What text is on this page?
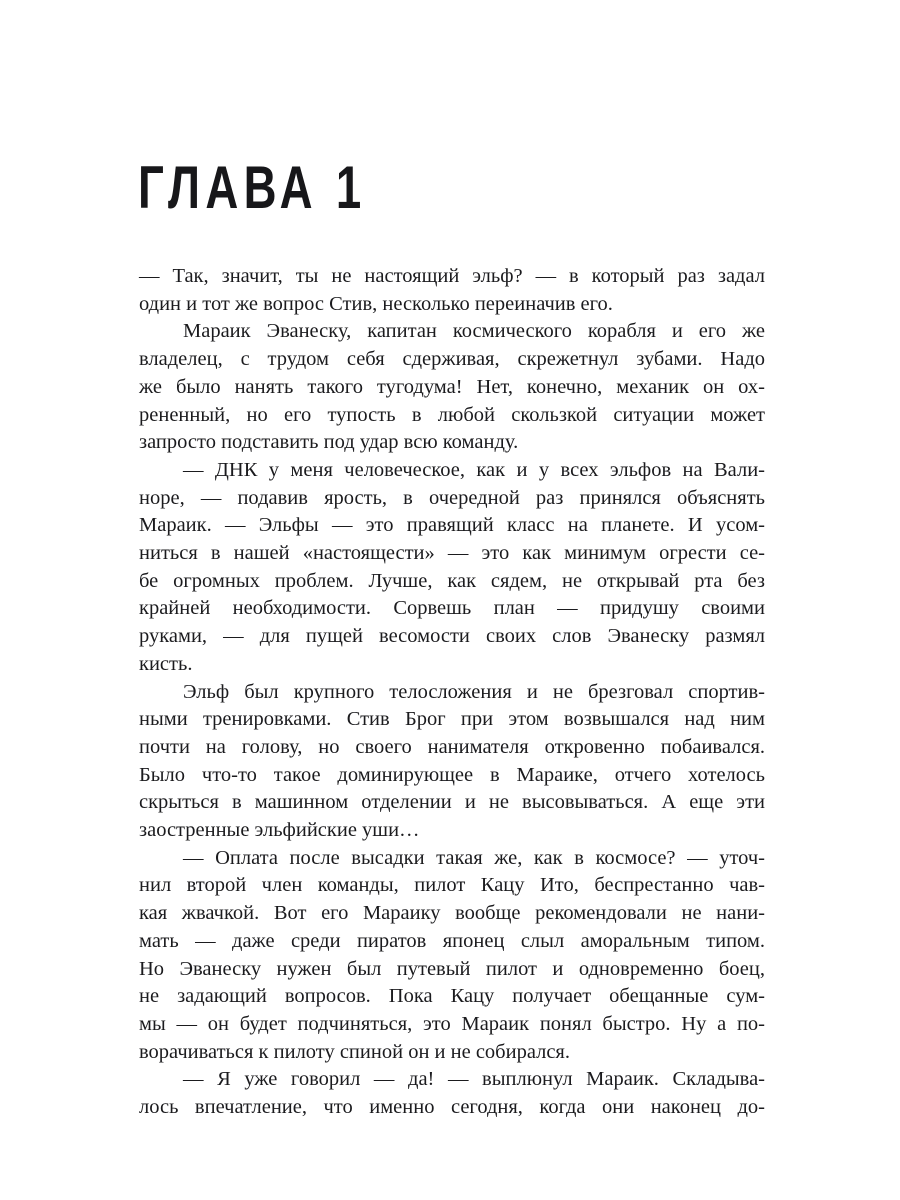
ГЛАВА 1
— Так, значит, ты не настоящий эльф? — в который раз задал
один и тот же вопрос Стив, несколько переиначив его.
Мараик Эванеску, капитан космического корабля и его же
владелец, с трудом себя сдерживая, скрежетнул зубами. Надо
же было нанять такого тугодума! Нет, конечно, механик он ох-
рененный, но его тупость в любой скользкой ситуации может
запросто подставить под удар всю команду.
— ДНК у меня человеческое, как и у всех эльфов на Вали-
норе, — подавив ярость, в очередной раз принялся объяснять
Мараик. — Эльфы — это правящий класс на планете. И усом-
ниться в нашей «настоящести» — это как минимум огрести се-
бе огромных проблем. Лучше, как сядем, не открывай рта без
крайней необходимости. Сорвешь план — придушу своими
руками, — для пущей весомости своих слов Эванеску размял
кисть.
Эльф был крупного телосложения и не брезговал спортив-
ными тренировками. Стив Брог при этом возвышался над ним
почти на голову, но своего нанимателя откровенно побаивался.
Было что-то такое доминирующее в Мараике, отчего хотелось
скрыться в машинном отделении и не высовываться. А еще эти
заостренные эльфийские уши…
— Оплата после высадки такая же, как в космосе? — уточ-
нил второй член команды, пилот Кацу Ито, беспрестанно чав-
кая жвачкой. Вот его Мараику вообще рекомендовали не нани-
мать — даже среди пиратов японец слыл аморальным типом.
Но Эванеску нужен был путевый пилот и одновременно боец,
не задающий вопросов. Пока Кацу получает обещанные сум-
мы — он будет подчиняться, это Мараик понял быстро. Ну а по-
ворачиваться к пилоту спиной он и не собирался.
— Я уже говорил — да! — выплюнул Мараик. Складыва-
лось впечатление, что именно сегодня, когда они наконец до-
